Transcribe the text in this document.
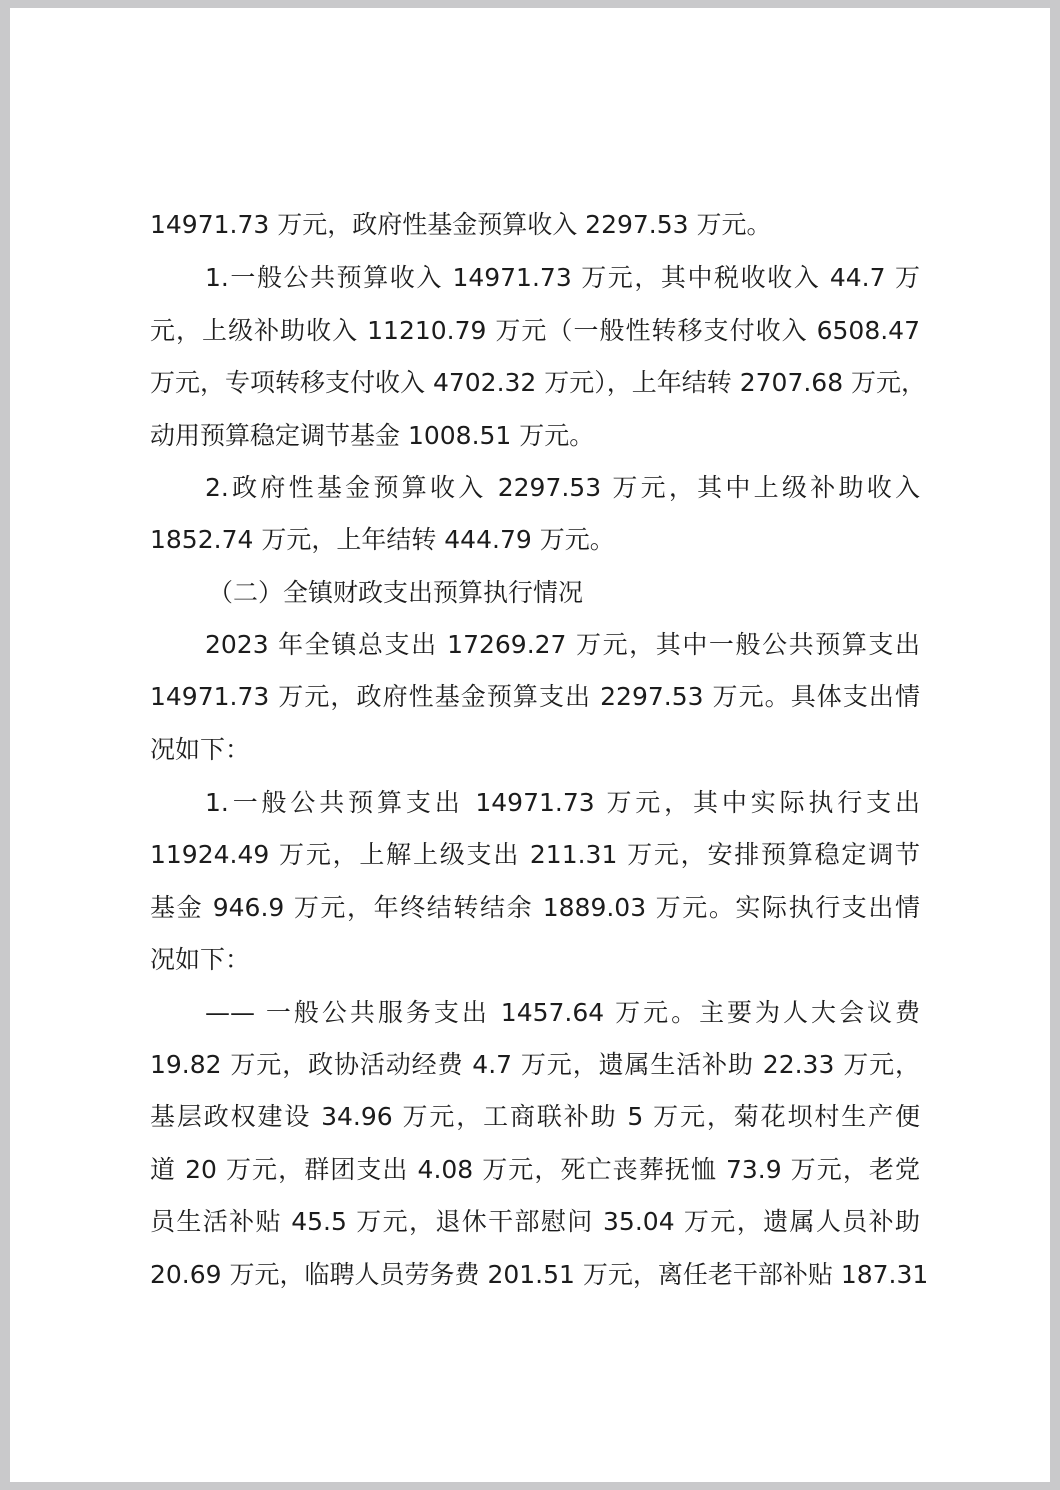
14971.73 万元，政府性基金预算收入 2297.53 万元。
1.一般公共预算收入 14971.73 万元，其中税收收入 44.7 万
元，上级补助收入 11210.79 万元（一般性转移支付收入 6508.47
万元，专项转移支付收入 4702.32 万元），上年结转 2707.68 万元，
动用预算稳定调节基金 1008.51 万元。
2.政府性基金预算收入 2297.53 万元，其中上级补助收入
1852.74 万元，上年结转 444.79 万元。
（二）全镇财政支出预算执行情况
2023 年全镇总支出 17269.27 万元，其中一般公共预算支出
14971.73 万元，政府性基金预算支出 2297.53 万元。具体支出情
况如下：
1.一般公共预算支出 14971.73 万元，其中实际执行支出
11924.49 万元，上解上级支出 211.31 万元，安排预算稳定调节
基金 946.9 万元，年终结转结余 1889.03 万元。实际执行支出情
况如下：
—— 一般公共服务支出 1457.64 万元。主要为人大会议费
19.82 万元，政协活动经费 4.7 万元，遗属生活补助 22.33 万元，
基层政权建设 34.96 万元，工商联补助 5 万元，菊花坝村生产便
道 20 万元，群团支出 4.08 万元，死亡丧葬抚恤 73.9 万元，老党
员生活补贴 45.5 万元，退休干部慰问 35.04 万元，遗属人员补助
20.69 万元，临聘人员劳务费 201.51 万元，离任老干部补贴 187.31
